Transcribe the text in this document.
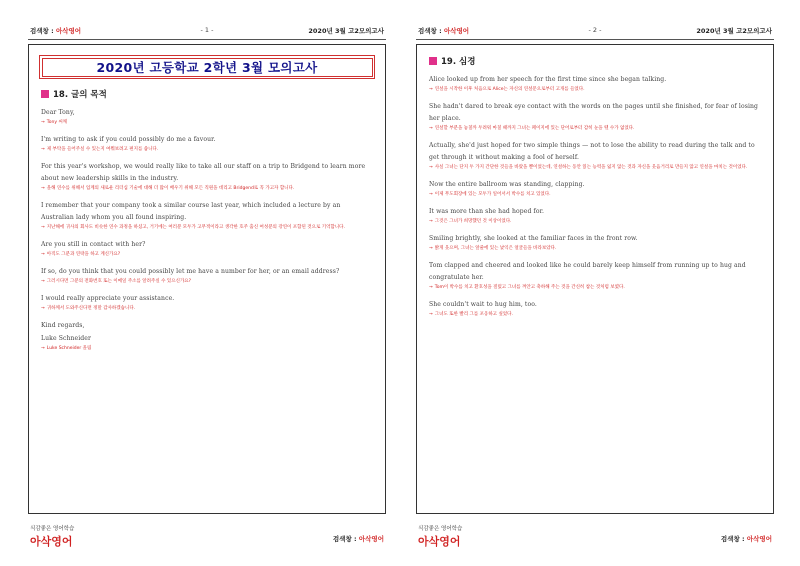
검색창 : 아삭영어	- 1 -	2020년 3월 고2모의고사
2020년 고등학교 2학년 3월 모의고사
18. 글의 목적
Dear Tony,
→ Tony 씨께
I'm writing to ask if you could possibly do me a favour.
→ 제 부탁을 들어주실 수 있는지 여쭤보려고 편지를 씁니다.
For this year's workshop, we would really like to take all our staff on a trip to Bridgend to learn more about new leadership skills in the industry.
→ 올해 연수를 위해서 업계의 새로운 리더십 기술에 대해 더 많이 배우기 위해 모든 직원을 데리고 Bridgend로 꼭 가고자 합니다.
I remember that your company took a similar course last year, which included a lecture by an Australian lady whom you all found inspiring.
→ 지난해에 귀사의 회사도 비슷한 연수 과정을 하셨고, 거기에는 여러분 모두가 고무적이라고 생각한 호주 출신 여성분의 강연이 포함된 것으로 기억합니다.
Are you still in contact with her?
→ 아직도 그분과 연락을 하고 계신가요?
If so, do you think that you could possibly let me have a number for her, or an email address?
→ 그러시다면 그분의 전화번호 또는 이메일 주소를 알려주실 수 있으신가요?
I would really appreciate your assistance.
→ 귀하께서 도와주신다면 정말 감사하겠습니다.
Kind regards,
Luke Schneider
→ Luke Schneider 올림
식감좋은 영어학습
아삭영어	검색창 : 아삭영어
검색창 : 아삭영어	- 2 -	2020년 3월 고2모의고사
19. 심경
Alice looked up from her speech for the first time since she began talking.
→ 연설을 시작한 이후 처음으로 Alice는 자신의 연설문으로부터 고개를 들었다.
She hadn't dared to break eye contact with the words on the pages until she finished, for fear of losing her place.
→ 연설할 부분을 놓칠까 두려워 마칠 때까지 그녀는 페이지에 있는 단어로부터 감히 눈을 뗄 수가 없었다.
Actually, she'd just hoped for two simple things — not to lose the ability to read during the talk and to get through it without making a fool of herself.
→ 사실 그녀는 단지 두 가지 간단한 것들을 바랐을 뿐이었는데, 연설하는 동안 읽는 능력을 잃지 않는 것과 자신을 웃음거리로 만들지 않고 연설을 마치는 것이었다.
Now the entire ballroom was standing, clapping.
→ 이제 무도회장에 있는 모두가 일어서서 박수를 치고 있었다.
It was more than she had hoped for.
→ 그것은 그녀가 희망했던 것 이상이었다.
Smiling brightly, she looked at the familiar faces in the front row.
→ 밝게 웃으며, 그녀는 앞줄에 있는 낯익은 얼굴들을 바라보았다.
Tom clapped and cheered and looked like he could barely keep himself from running up to hug and congratulate her.
→ Tom이 박수를 치고 환호성을 질렀고 그녀를 껴안고 축하해 주는 것을 간신히 참는 것처럼 보였다.
She couldn't wait to hug him, too.
→ 그녀도 또한 빨리 그를 포옹하고 싶었다.
식감좋은 영어학습
아삭영어	검색창 : 아삭영어
